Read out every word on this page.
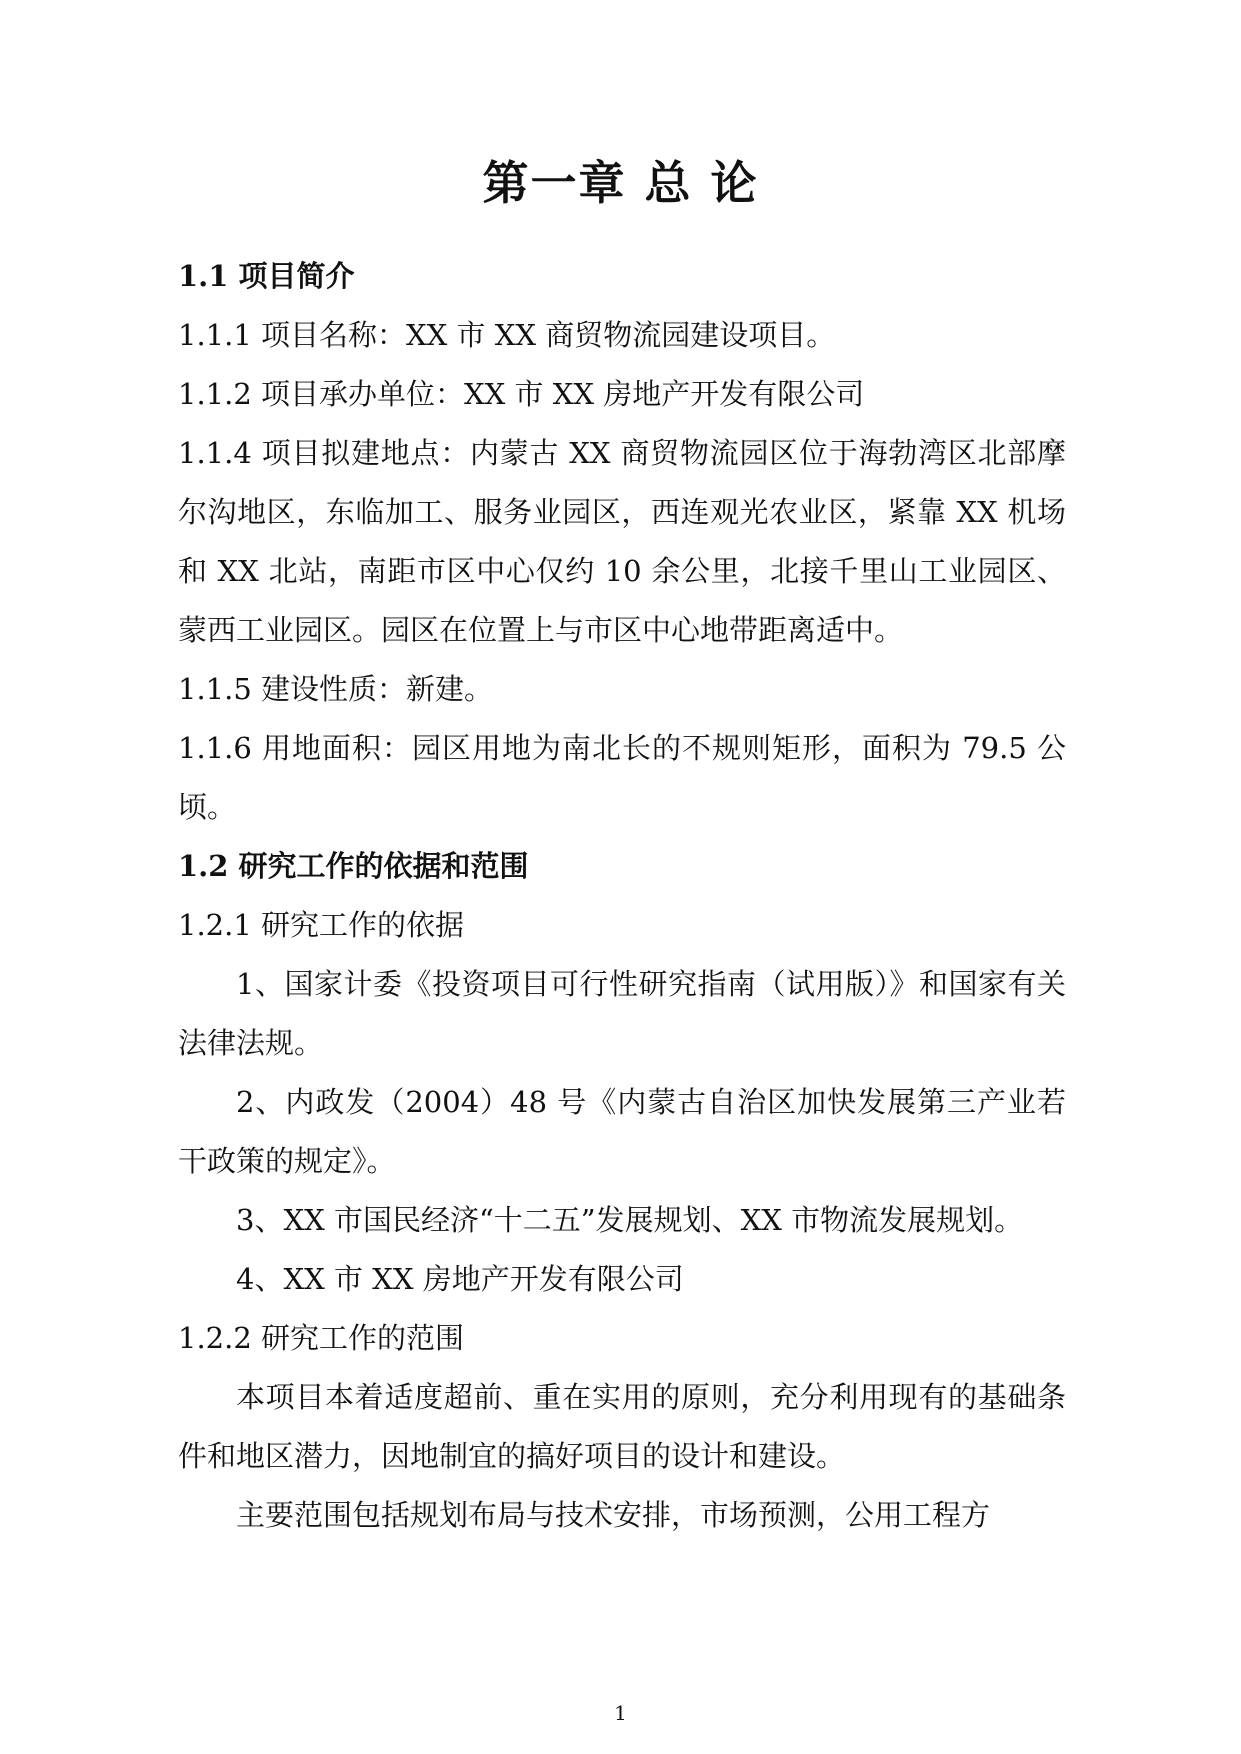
第一章 总 论

1.1 项目简介

1.1.1 项目名称：XX 市 XX 商贸物流园建设项目。

1.1.2 项目承办单位：XX 市 XX 房地产开发有限公司

1.1.4 项目拟建地点：内蒙古 XX 商贸物流园区位于海勃湾区北部摩尔沟地区，东临加工、服务业园区，西连观光农业区，紧靠 XX 机场和 XX 北站，南距市区中心仅约 10 余公里，北接千里山工业园区、蒙西工业园区。园区在位置上与市区中心地带距离适中。

1.1.5 建设性质：新建。

1.1.6 用地面积：园区用地为南北长的不规则矩形，面积为 79.5 公顷。

1.2 研究工作的依据和范围

1.2.1 研究工作的依据

1、国家计委《投资项目可行性研究指南（试用版）》和国家有关法律法规。

2、内政发（2004）48 号《内蒙古自治区加快发展第三产业若干政策的规定》。

3、XX 市国民经济“十二五”发展规划、XX 市物流发展规划。

4、XX 市 XX 房地产开发有限公司

1.2.2 研究工作的范围

本项目本着适度超前、重在实用的原则，充分利用现有的基础条件和地区潜力，因地制宜的搞好项目的设计和建设。

主要范围包括规划布局与技术安排，市场预测，公用工程方

1
